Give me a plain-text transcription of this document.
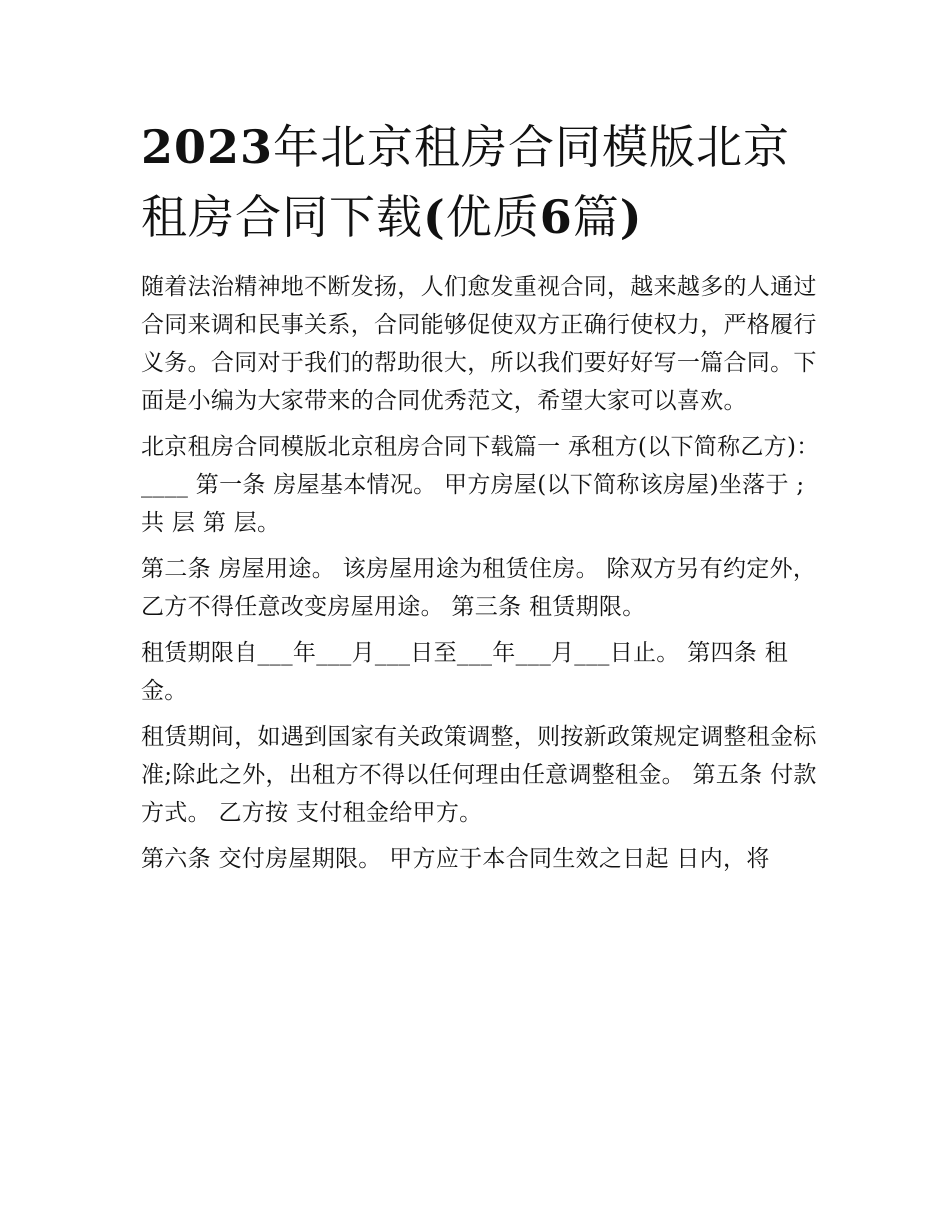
2023年北京租房合同模版北京租房合同下载(优质6篇)

随着法治精神地不断发扬，人们愈发重视合同，越来越多的人通过合同来调和民事关系，合同能够促使双方正确行使权力，严格履行义务。合同对于我们的帮助很大，所以我们要好好写一篇合同。下面是小编为大家带来的合同优秀范文，希望大家可以喜欢。

北京租房合同模版北京租房合同下载篇一 承租方(以下简称乙方)：____ 第一条 房屋基本情况。 甲方房屋(以下简称该房屋)坐落于 ;共 层 第 层。

第二条 房屋用途。 该房屋用途为租赁住房。 除双方另有约定外，乙方不得任意改变房屋用途。 第三条 租赁期限。

租赁期限自___年___月___日至___年___月___日止。 第四条 租金。

租赁期间，如遇到国家有关政策调整，则按新政策规定调整租金标准;除此之外，出租方不得以任何理由任意调整租金。 第五条 付款方式。 乙方按 支付租金给甲方。

第六条 交付房屋期限。 甲方应于本合同生效之日起 日内，将
